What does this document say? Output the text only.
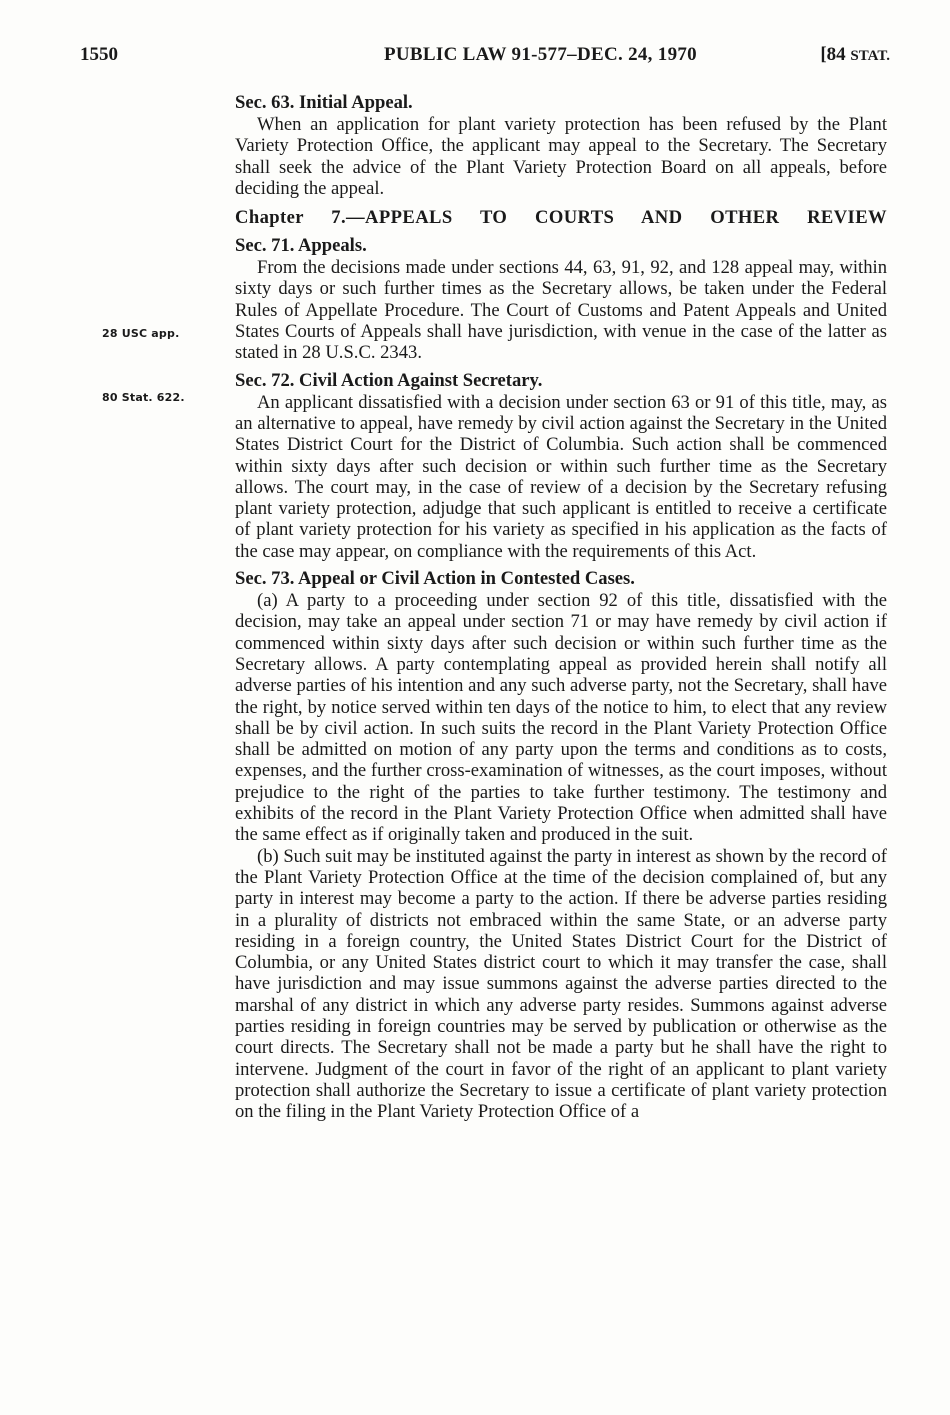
1550	PUBLIC LAW 91-577–DEC. 24, 1970	[84 STAT.
28 USC app.
80 Stat. 622.
Sec. 63. Initial Appeal.

When an application for plant variety protection has been refused by the Plant Variety Protection Office, the applicant may appeal to the Secretary. The Secretary shall seek the advice of the Plant Variety Protection Board on all appeals, before deciding the appeal.

Chapter 7.—APPEALS TO COURTS AND OTHER REVIEW
Sec. 71. Appeals.

From the decisions made under sections 44, 63, 91, 92, and 128 appeal may, within sixty days or such further times as the Secretary allows, be taken under the Federal Rules of Appellate Procedure. The Court of Customs and Patent Appeals and United States Courts of Appeals shall have jurisdiction, with venue in the case of the latter as stated in 28 U.S.C. 2343.

Sec. 72. Civil Action Against Secretary.

An applicant dissatisfied with a decision under section 63 or 91 of this title, may, as an alternative to appeal, have remedy by civil action against the Secretary in the United States District Court for the District of Columbia. Such action shall be commenced within sixty days after such decision or within such further time as the Secretary allows. The court may, in the case of review of a decision by the Secretary refusing plant variety protection, adjudge that such applicant is entitled to receive a certificate of plant variety protection for his variety as specified in his application as the facts of the case may appear, on compliance with the requirements of this Act.

Sec. 73. Appeal or Civil Action in Contested Cases.

(a) A party to a proceeding under section 92 of this title, dissatisfied with the decision, may take an appeal under section 71 or may have remedy by civil action if commenced within sixty days after such decision or within such further time as the Secretary allows. A party contemplating appeal as provided herein shall notify all adverse parties of his intention and any such adverse party, not the Secretary, shall have the right, by notice served within ten days of the notice to him, to elect that any review shall be by civil action. In such suits the record in the Plant Variety Protection Office shall be admitted on motion of any party upon the terms and conditions as to costs, expenses, and the further cross-examination of witnesses, as the court imposes, without prejudice to the right of the parties to take further testimony. The testimony and exhibits of the record in the Plant Variety Protection Office when admitted shall have the same effect as if originally taken and produced in the suit.

(b) Such suit may be instituted against the party in interest as shown by the record of the Plant Variety Protection Office at the time of the decision complained of, but any party in interest may become a party to the action. If there be adverse parties residing in a plurality of districts not embraced within the same State, or an adverse party residing in a foreign country, the United States District Court for the District of Columbia, or any United States district court to which it may transfer the case, shall have jurisdiction and may issue summons against the adverse parties directed to the marshal of any district in which any adverse party resides. Summons against adverse parties residing in foreign countries may be served by publication or otherwise as the court directs. The Secretary shall not be made a party but he shall have the right to intervene. Judgment of the court in favor of the right of an applicant to plant variety protection shall authorize the Secretary to issue a certificate of plant variety protection on the filing in the Plant Variety Protection Office of a
